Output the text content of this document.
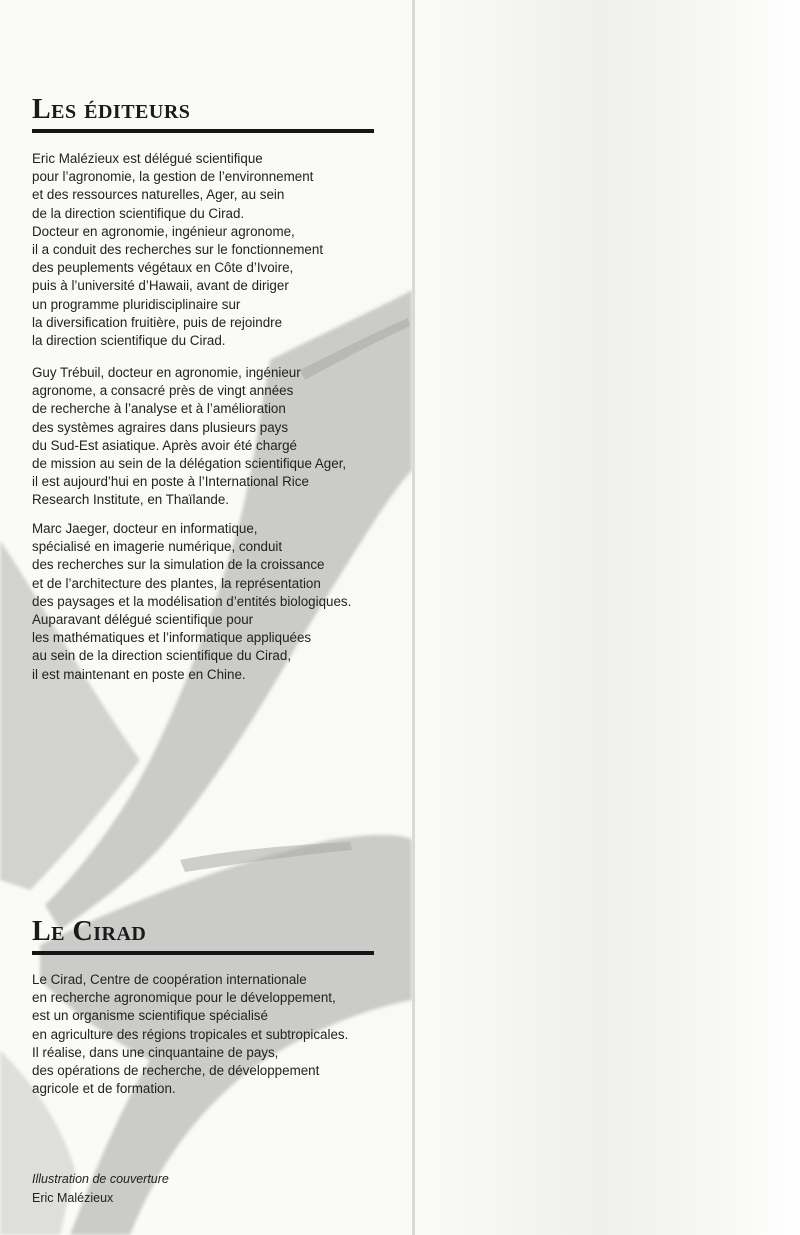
Les éditeurs

Eric Malézieux est délégué scientifique
pour l’agronomie, la gestion de l’environnement
et des ressources naturelles, Ager, au sein
de la direction scientifique du Cirad.
Docteur en agronomie, ingénieur agronome,
il a conduit des recherches sur le fonctionnement
des peuplements végétaux en Côte d’Ivoire,
puis à l’université d’Hawaii, avant de diriger
un programme pluridisciplinaire sur
la diversification fruitière, puis de rejoindre
la direction scientifique du Cirad.

Guy Trébuil, docteur en agronomie, ingénieur
agronome, a consacré près de vingt années
de recherche à l’analyse et à l’amélioration
des systèmes agraires dans plusieurs pays
du Sud-Est asiatique. Après avoir été chargé
de mission au sein de la délégation scientifique Ager,
il est aujourd’hui en poste à l’International Rice
Research Institute, en Thaïlande.

Marc Jaeger, docteur en informatique,
spécialisé en imagerie numérique, conduit
des recherches sur la simulation de la croissance
et de l’architecture des plantes, la représentation
des paysages et la modélisation d’entités biologiques.
Auparavant délégué scientifique pour
les mathématiques et l’informatique appliquées
au sein de la direction scientifique du Cirad,
il est maintenant en poste en Chine.

Le Cirad

Le Cirad, Centre de coopération internationale
en recherche agronomique pour le développement,
est un organisme scientifique spécialisé
en agriculture des régions tropicales et subtropicales.
Il réalise, dans une cinquantaine de pays,
des opérations de recherche, de développement
agricole et de formation.

Illustration de couverture
Eric Malézieux
